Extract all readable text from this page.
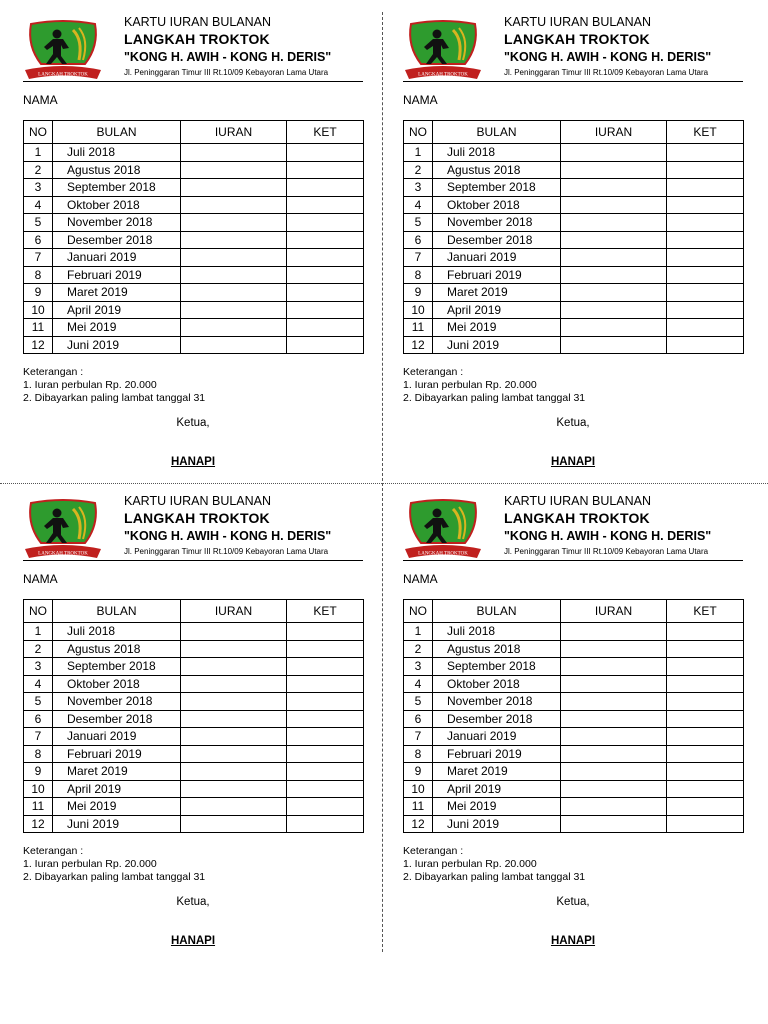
LANGKAH TROKTOK
KARTU IURAN BULANAN
LANGKAH TROKTOK
"KONG H. AWIH - KONG H. DERIS"
Jl. Peninggaran Timur III Rt.10/09 Kebayoran Lama Utara
NAMA
NO	BULAN	IURAN	KET
1	Juli 2018		
2	Agustus 2018		
3	September 2018		
4	Oktober 2018		
5	November 2018		
6	Desember 2018		
7	Januari 2019		
8	Februari 2019		
9	Maret 2019		
10	April 2019		
11	Mei 2019		
12	Juni 2019		
Keterangan :
1. Iuran perbulan Rp. 20.000
2. Dibayarkan paling lambat tanggal 31
Ketua,
HANAPI
LANGKAH TROKTOK
KARTU IURAN BULANAN
LANGKAH TROKTOK
"KONG H. AWIH - KONG H. DERIS"
Jl. Peninggaran Timur III Rt.10/09 Kebayoran Lama Utara
NAMA
NO	BULAN	IURAN	KET
1	Juli 2018		
2	Agustus 2018		
3	September 2018		
4	Oktober 2018		
5	November 2018		
6	Desember 2018		
7	Januari 2019		
8	Februari 2019		
9	Maret 2019		
10	April 2019		
11	Mei 2019		
12	Juni 2019		
Keterangan :
1. Iuran perbulan Rp. 20.000
2. Dibayarkan paling lambat tanggal 31
Ketua,
HANAPI
LANGKAH TROKTOK
KARTU IURAN BULANAN
LANGKAH TROKTOK
"KONG H. AWIH - KONG H. DERIS"
Jl. Peninggaran Timur III Rt.10/09 Kebayoran Lama Utara
NAMA
NO	BULAN	IURAN	KET
1	Juli 2018		
2	Agustus 2018		
3	September 2018		
4	Oktober 2018		
5	November 2018		
6	Desember 2018		
7	Januari 2019		
8	Februari 2019		
9	Maret 2019		
10	April 2019		
11	Mei 2019		
12	Juni 2019		
Keterangan :
1. Iuran perbulan Rp. 20.000
2. Dibayarkan paling lambat tanggal 31
Ketua,
HANAPI
LANGKAH TROKTOK
KARTU IURAN BULANAN
LANGKAH TROKTOK
"KONG H. AWIH - KONG H. DERIS"
Jl. Peninggaran Timur III Rt.10/09 Kebayoran Lama Utara
NAMA
NO	BULAN	IURAN	KET
1	Juli 2018		
2	Agustus 2018		
3	September 2018		
4	Oktober 2018		
5	November 2018		
6	Desember 2018		
7	Januari 2019		
8	Februari 2019		
9	Maret 2019		
10	April 2019		
11	Mei 2019		
12	Juni 2019		
Keterangan :
1. Iuran perbulan Rp. 20.000
2. Dibayarkan paling lambat tanggal 31
Ketua,
HANAPI
